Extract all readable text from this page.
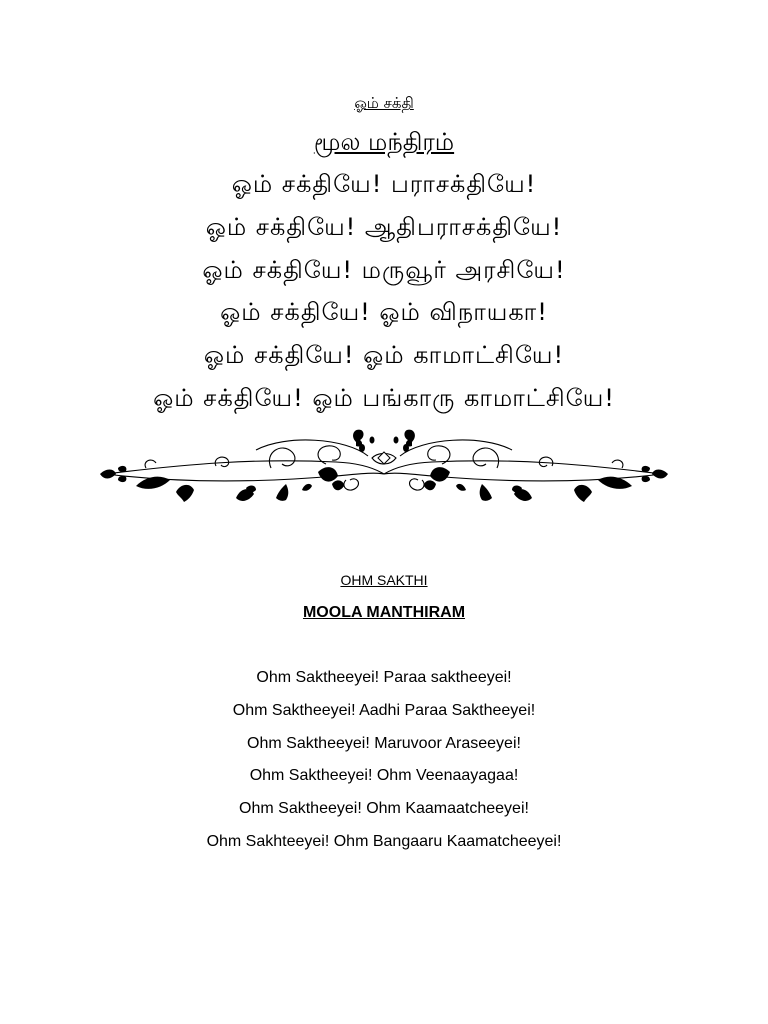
ஓம் சக்தி
மூல மந்திரம்
ஓம் சக்தியே! பராசக்தியே!
ஓம் சக்தியே! ஆதிபராசக்தியே!
ஓம் சக்தியே! மருவூர் அரசியே!
ஓம் சக்தியே! ஓம் விநாயகா!
ஓம் சக்தியே! ஓம் காமாட்சியே!
ஓம் சக்தியே! ஓம் பங்காரு காமாட்சியே!
OHM SAKTHI
MOOLA MANTHIRAM
Ohm Saktheeyei! Paraa saktheeyei!
Ohm Saktheeyei! Aadhi Paraa Saktheeyei!
Ohm Saktheeyei! Maruvoor Araseeyei!
Ohm Saktheeyei! Ohm Veenaayagaa!
Ohm Saktheeyei! Ohm Kaamaatcheeyei!
Ohm Sakhteeyei! Ohm Bangaaru Kaamatcheeyei!
